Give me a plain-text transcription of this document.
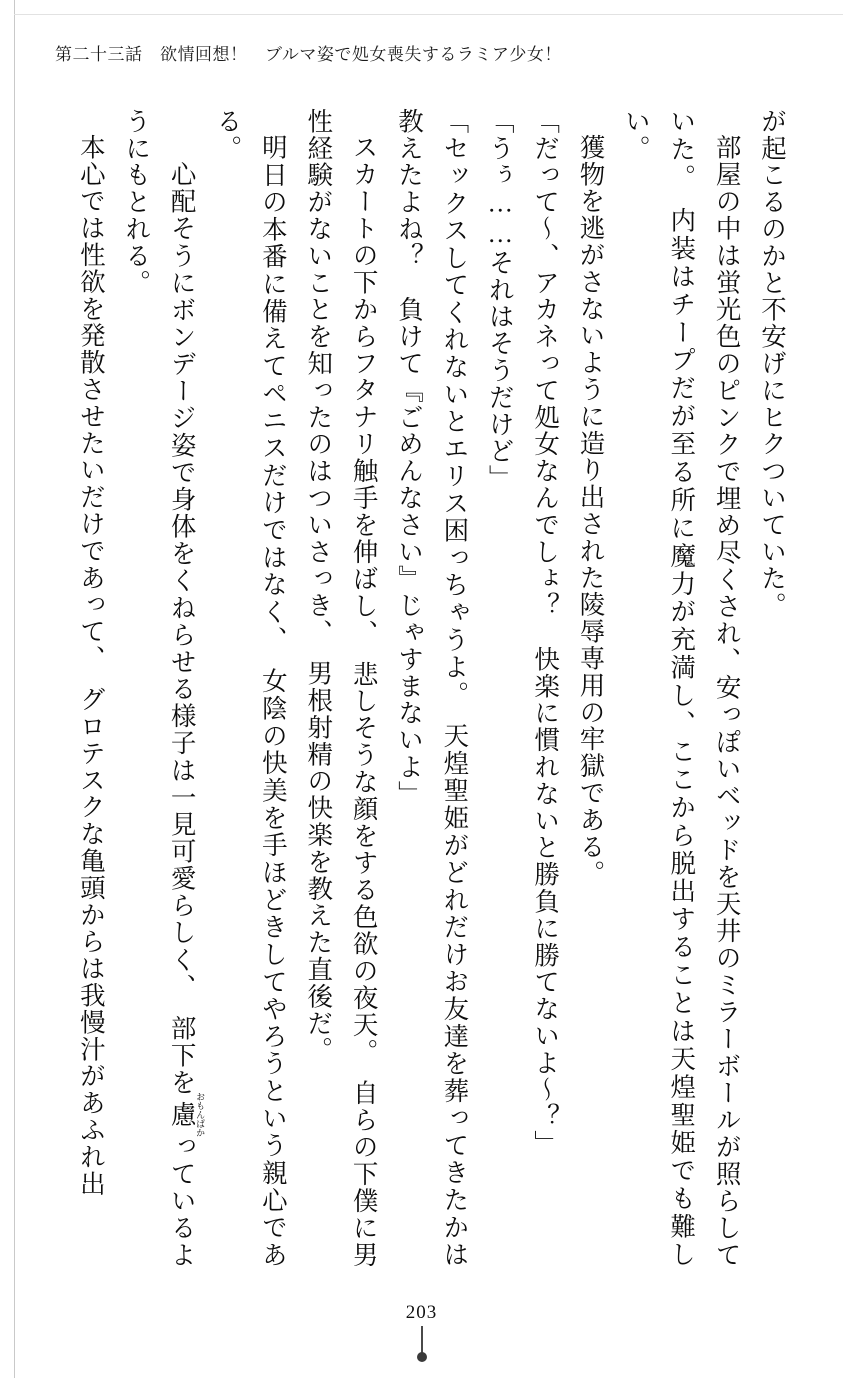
第二十三話　欲情回想！　ブルマ姿で処女喪失するラミア少女！

が起こるのかと不安げにヒクついていた。

部屋の中は蛍光色のピンクで埋め尽くされ、安っぽいベッドを天井のミラーボールが照らしていた。　内装はチープだが至る所に魔力が充満し、ここから脱出することは天煌聖姫でも難しい。

獲物を逃がさないように造り出された陵辱専用の牢獄である。

「だって～、アカネって処女なんでしょ？　快楽に慣れないと勝負に勝てないよ～？」

「うぅ……それはそうだけど」

「セックスしてくれないとエリス困っちゃうよ。　天煌聖姫がどれだけお友達を葬ってきたかは教えたよね？　負けて『ごめんなさい』じゃすまないよ」

スカートの下からフタナリ触手を伸ばし、　悲しそうな顔をする色欲の夜天。　自らの下僕に男性経験がないことを知ったのはついさっき、　男根射精の快楽を教えた直後だ。

明日の本番に備えてペニスだけではなく、　女陰の快美を手ほどきしてやろうという親心である。

　心配そうにボンデージ姿で身体をくねらせる様子は一見可愛らしく、　部下を慮おもんぱかっているようにもとれる。

本心では性欲を発散させたいだけであって、　グロテスクな亀頭からは我慢汁があふれ出

203
